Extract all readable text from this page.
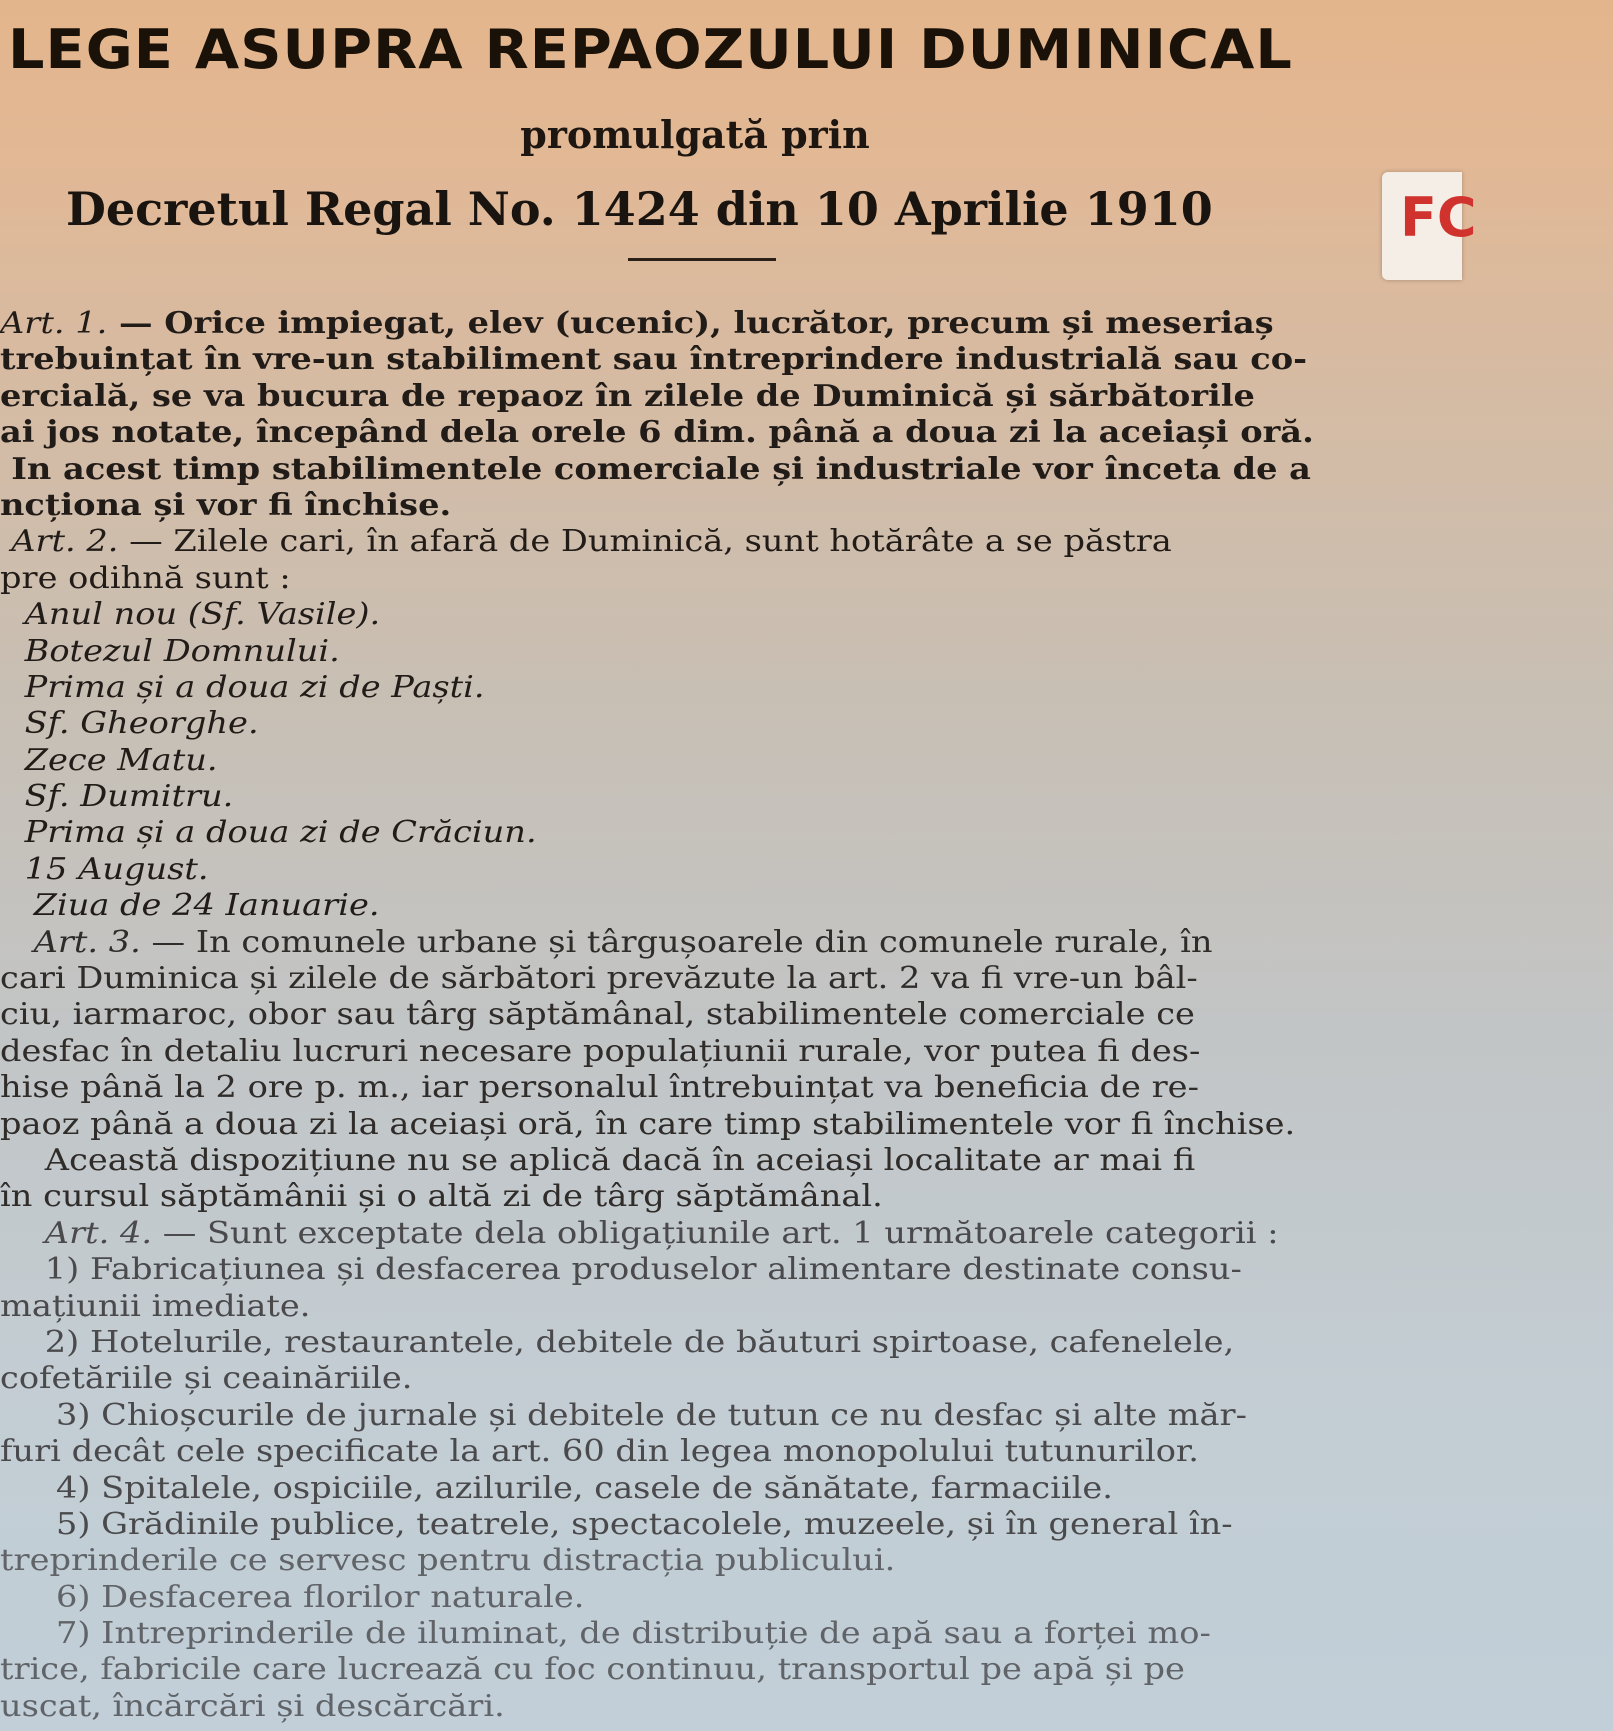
LEGE ASUPRA REPAOZULUI DUMINICAL
promulgată prin
Decretul Regal No. 1424 din 10 Aprilie 1910	FC
Art. 1. — Orice impiegat, elev (ucenic), lucrător, precum și meseriaș
trebuințat în vre-un stabiliment sau întreprindere industrială sau co-
ercială, se va bucura de repaoz în zilele de Duminică și sărbătorile
ai jos notate, începând dela orele 6 dim. până a doua zi la aceiași oră.
In acest timp stabilimentele comerciale și industriale vor înceta de a
ncționa și vor fi închise.
Art. 2. — Zilele cari, în afară de Duminică, sunt hotărâte a se păstra
pre odihnă sunt :
Anul nou (Sf. Vasile).
Botezul Domnului.
Prima și a doua zi de Paști.
Sf. Gheorghe.
Zece Matu.
Sf. Dumitru.
Prima și a doua zi de Crăciun.
15 August.
Ziua de 24 Ianuarie.
Art. 3. — In comunele urbane și târgușoarele din comunele rurale, în
cari Duminica și zilele de sărbători prevăzute la art. 2 va fi vre-un bâl-
ciu, iarmaroc, obor sau târg săptămânal, stabilimentele comerciale ce
desfac în detaliu lucruri necesare populațiunii rurale, vor putea fi des-
hise până la 2 ore p. m., iar personalul întrebuințat va beneficia de re-
paoz până a doua zi la aceiași oră, în care timp stabilimentele vor fi închise.
Această dispozițiune nu se aplică dacă în aceiași localitate ar mai fi
în cursul săptămânii și o altă zi de târg săptămânal.
Art. 4. — Sunt exceptate dela obligațiunile art. 1 următoarele categorii :
1) Fabricațiunea și desfacerea produselor alimentare destinate consu-
mațiunii imediate.
2) Hotelurile, restaurantele, debitele de băuturi spirtoase, cafenelele,
cofetăriile și ceainăriile.
3) Chioșcurile de jurnale și debitele de tutun ce nu desfac și alte măr-
furi decât cele specificate la art. 60 din legea monopolului tutunurilor.
4) Spitalele, ospiciile, azilurile, casele de sănătate, farmaciile.
5) Grădinile publice, teatrele, spectacolele, muzeele, și în general în-
treprinderile ce servesc pentru distracția publicului.
6) Desfacerea florilor naturale.
7) Intreprinderile de iluminat, de distribuție de apă sau a forței mo-
trice, fabricile care lucrează cu foc continuu, transportul pe apă și pe
uscat, încărcări și descărcări.
